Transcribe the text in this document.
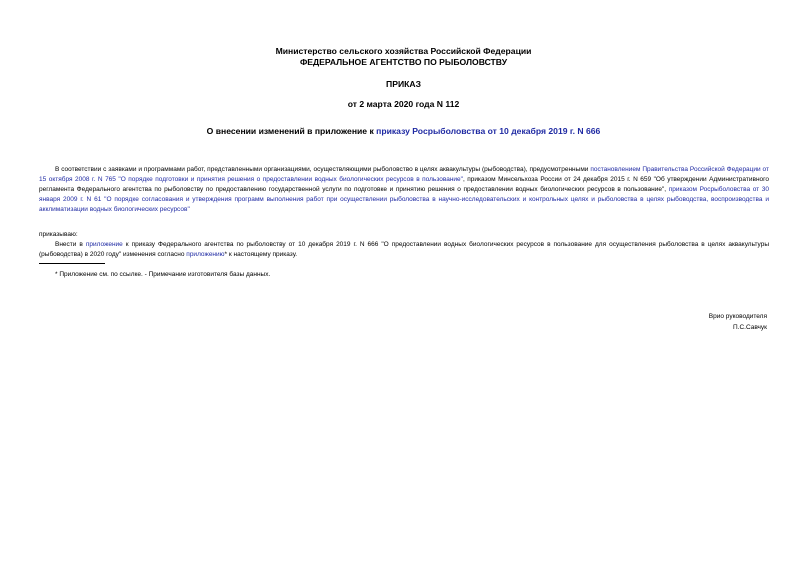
Министерство сельского хозяйства Российской Федерации
ФЕДЕРАЛЬНОЕ АГЕНТСТВО ПО РЫБОЛОВСТВУ
ПРИКАЗ
от 2 марта 2020 года N 112
О внесении изменений в приложение к приказу Росрыболовства от 10 декабря 2019 г. N 666
В соответствии с заявками и программами работ, представленными организациями, осуществляющими рыболовство в целях аквакультуры (рыбоводства), предусмотренными постановлением Правительства Российской Федерации от 15 октября 2008 г. N 765 "О порядке подготовки и принятия решения о предоставлении водных биологических ресурсов в пользование", приказом Минсельхоза России от 24 декабря 2015 г. N 659 "Об утверждении Административного регламента Федерального агентства по рыболовству по предоставлению государственной услуги по подготовке и принятию решения о предоставлении водных биологических ресурсов в пользование", приказом Росрыболовства от 30 января 2009 г. N 61 "О порядке согласования и утверждения программ выполнения работ при осуществлении рыболовства в научно-исследовательских и контрольных целях и рыболовства в целях рыбоводства, воспроизводства и акклиматизации водных биологических ресурсов"
приказываю:
Внести в приложение к приказу Федерального агентства по рыболовству от 10 декабря 2019 г. N 666 "О предоставлении водных биологических ресурсов в пользование для осуществления рыболовства в целях аквакультуры (рыбоводства) в 2020 году" изменения согласно приложению* к настоящему приказу.
* Приложение см. по ссылке. - Примечание изготовителя базы данных.
Врио руководителя
П.С.Савчук
